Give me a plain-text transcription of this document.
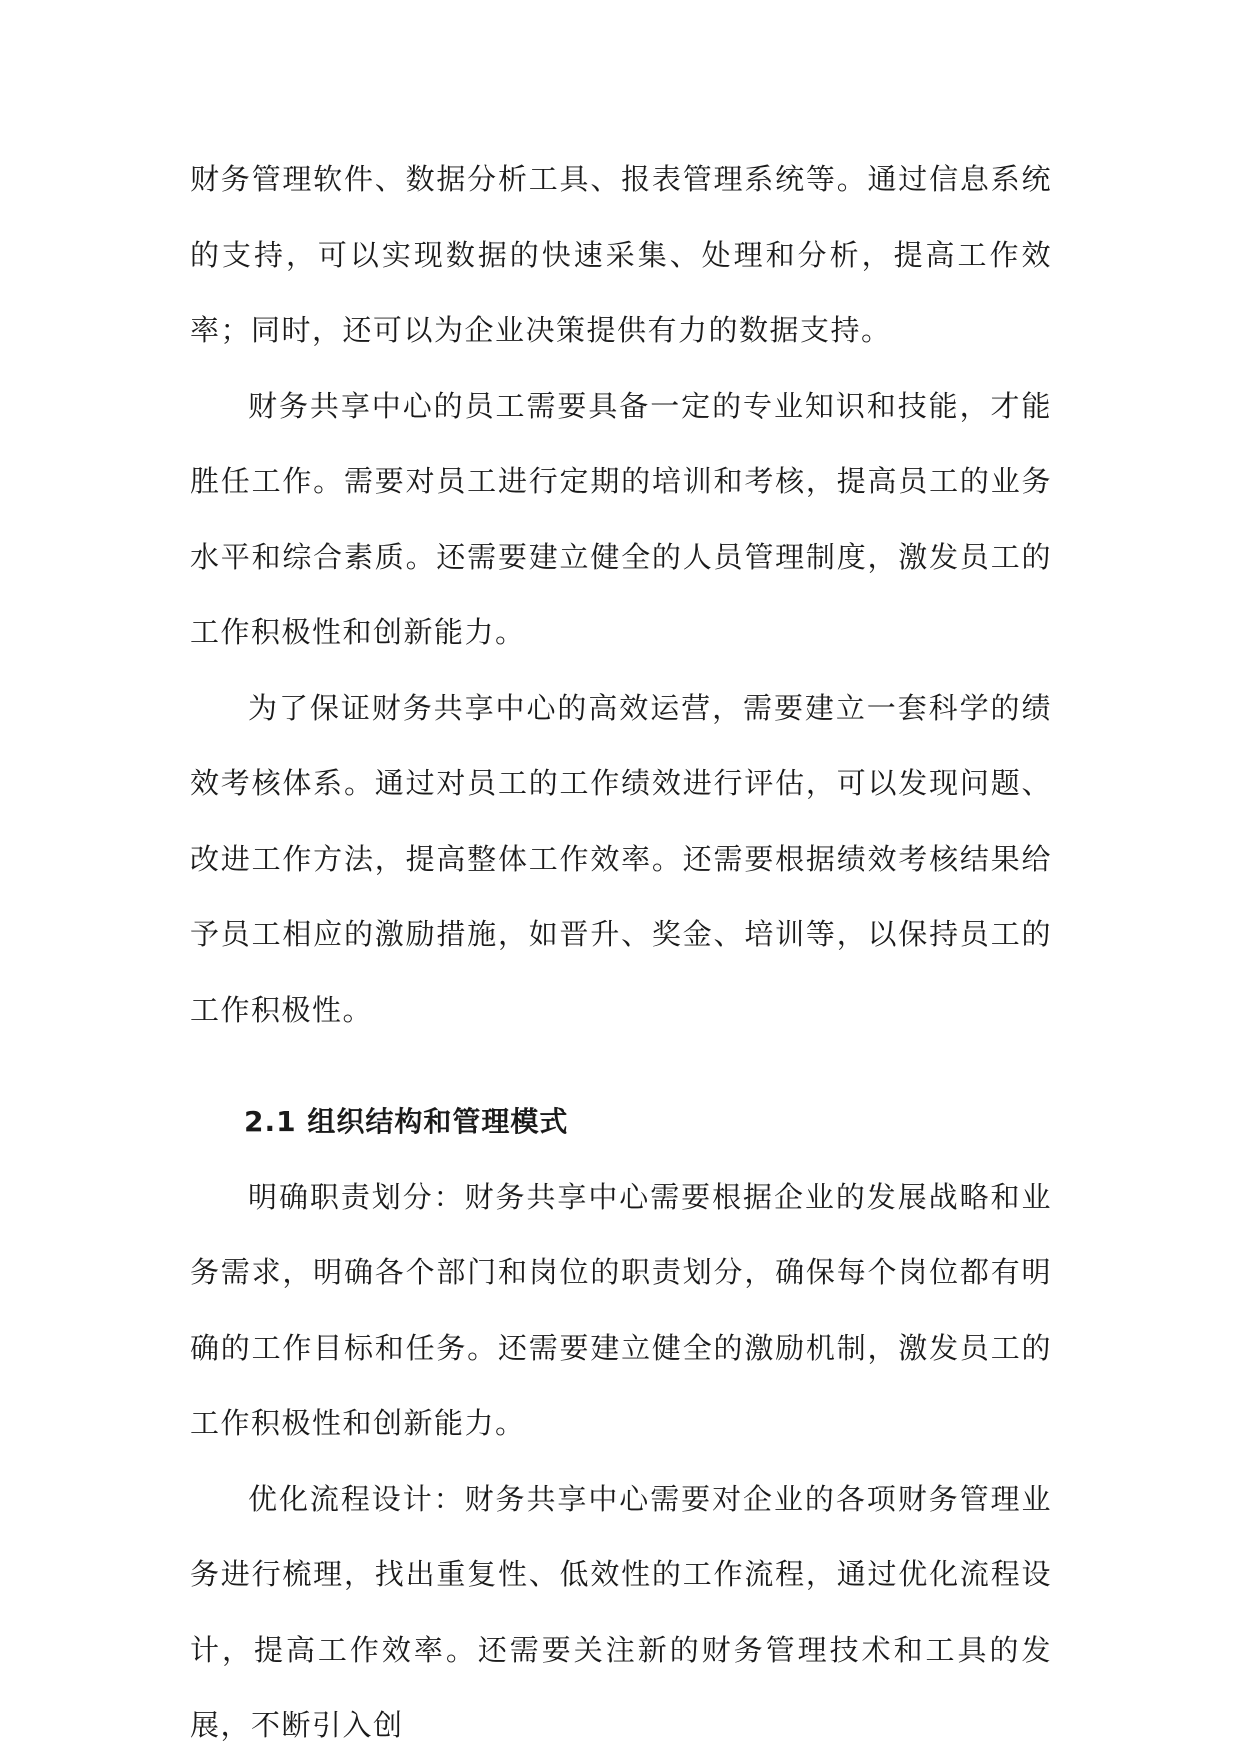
财务管理软件、数据分析工具、报表管理系统等。通过信息系统的支持，可以实现数据的快速采集、处理和分析，提高工作效率；同时，还可以为企业决策提供有力的数据支持。

财务共享中心的员工需要具备一定的专业知识和技能，才能胜任工作。需要对员工进行定期的培训和考核，提高员工的业务水平和综合素质。还需要建立健全的人员管理制度，激发员工的工作积极性和创新能力。

为了保证财务共享中心的高效运营，需要建立一套科学的绩效考核体系。通过对员工的工作绩效进行评估，可以发现问题、改进工作方法，提高整体工作效率。还需要根据绩效考核结果给予员工相应的激励措施，如晋升、奖金、培训等，以保持员工的工作积极性。

2.1 组织结构和管理模式

明确职责划分：财务共享中心需要根据企业的发展战略和业务需求，明确各个部门和岗位的职责划分，确保每个岗位都有明确的工作目标和任务。还需要建立健全的激励机制，激发员工的工作积极性和创新能力。

优化流程设计：财务共享中心需要对企业的各项财务管理业务进行梳理，找出重复性、低效性的工作流程，通过优化流程设计，提高工作效率。还需要关注新的财务管理技术和工具的发展，不断引入创
